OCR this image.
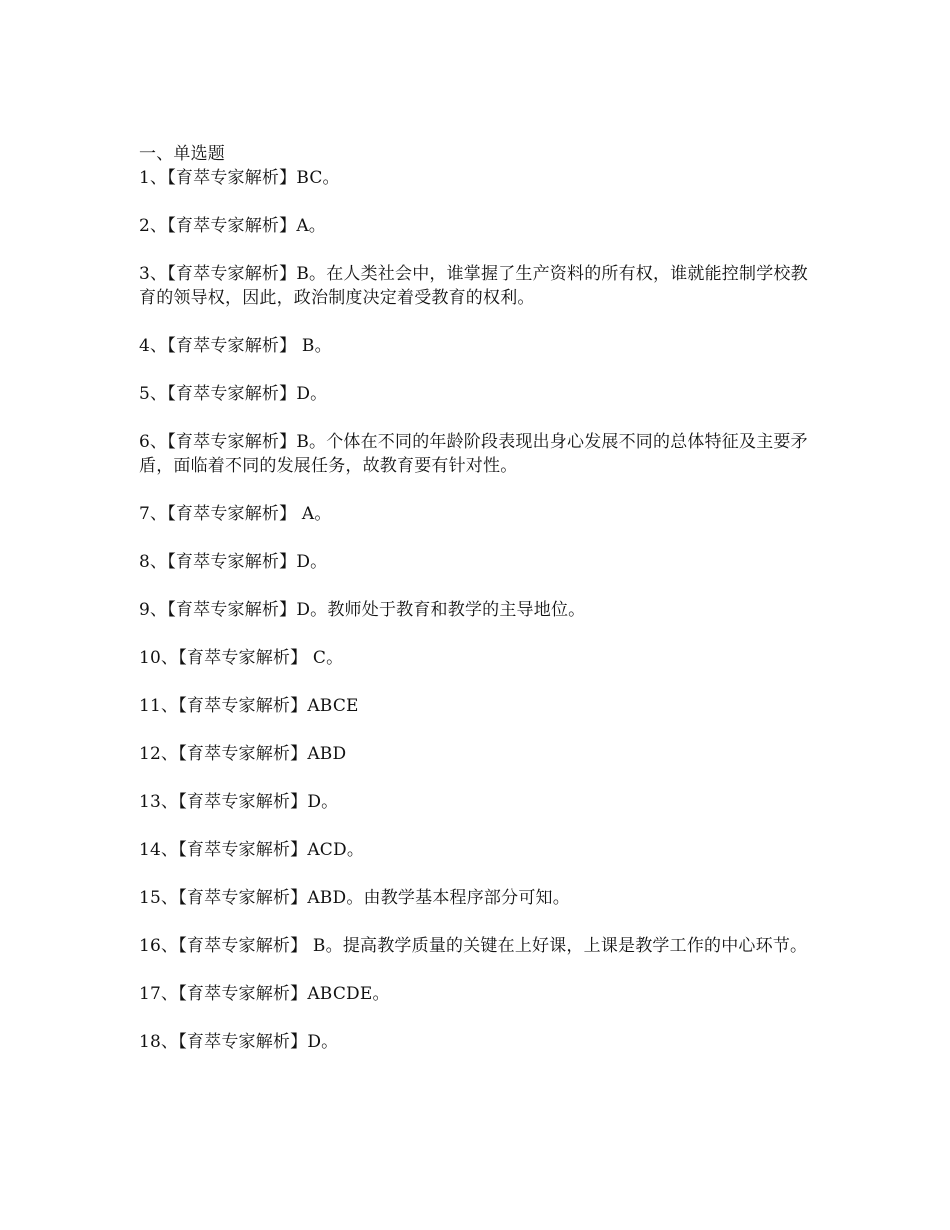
一、单选题
1、【育萃专家解析】BC。
2、【育萃专家解析】A。
3、【育萃专家解析】B。在人类社会中，谁掌握了生产资料的所有权，谁就能控制学校教育的领导权，因此，政治制度决定着受教育的权利。
4、【育萃专家解析】 B。
5、【育萃专家解析】D。
6、【育萃专家解析】B。个体在不同的年龄阶段表现出身心发展不同的总体特征及主要矛盾，面临着不同的发展任务，故教育要有针对性。
7、【育萃专家解析】 A。
8、【育萃专家解析】D。
9、【育萃专家解析】D。教师处于教育和教学的主导地位。
10、【育萃专家解析】 C。
11、【育萃专家解析】ABCE
12、【育萃专家解析】ABD
13、【育萃专家解析】D。
14、【育萃专家解析】ACD。
15、【育萃专家解析】ABD。由教学基本程序部分可知。
16、【育萃专家解析】 B。提高教学质量的关键在上好课，上课是教学工作的中心环节。
17、【育萃专家解析】ABCDE。
18、【育萃专家解析】D。
